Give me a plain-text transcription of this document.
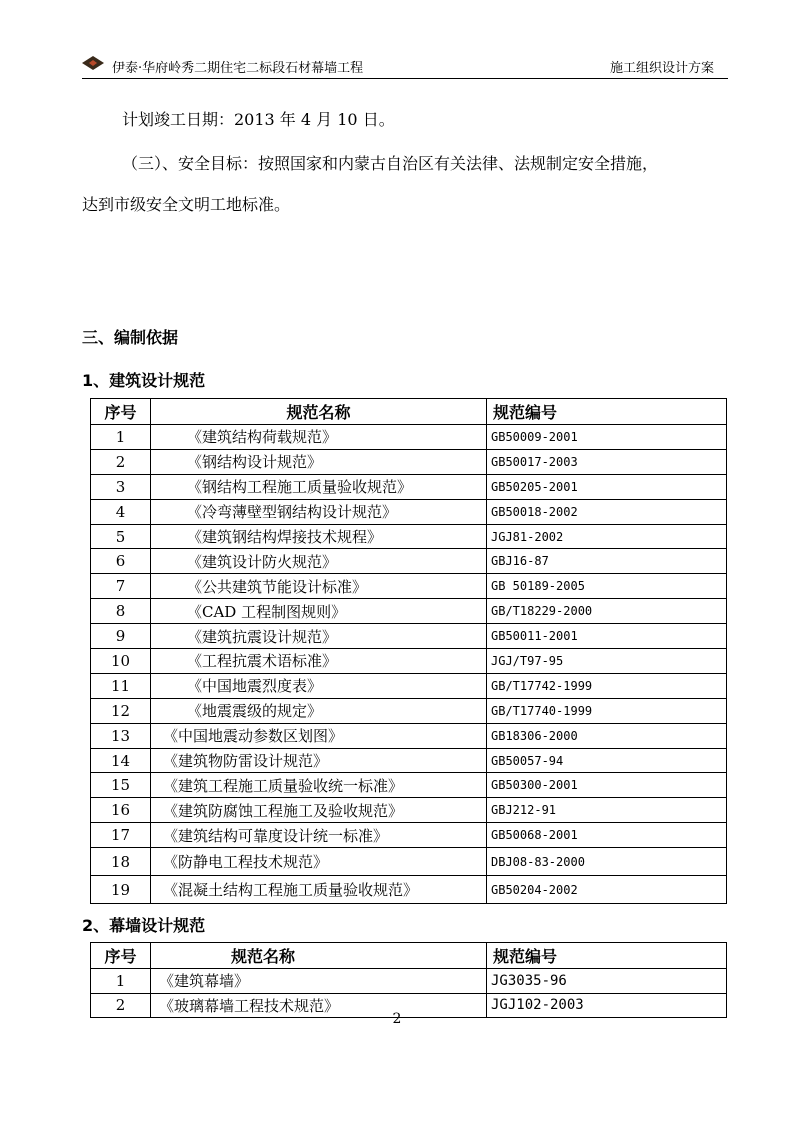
伊泰·华府岭秀二期住宅二标段石材幕墙工程	施工组织设计方案
计划竣工日期：2013 年 4 月 10 日。
（三）、安全目标：按照国家和内蒙古自治区有关法律、法规制定安全措施，
达到市级安全文明工地标准。
三、编制依据
1、建筑设计规范
序号	规范名称	规范编号
1	《建筑结构荷载规范》	GB50009-2001
2	《钢结构设计规范》	GB50017-2003
3	《钢结构工程施工质量验收规范》	GB50205-2001
4	《冷弯薄壁型钢结构设计规范》	GB50018-2002
5	《建筑钢结构焊接技术规程》	JGJ81-2002
6	《建筑设计防火规范》	GBJ16-87
7	《公共建筑节能设计标准》	GB 50189-2005
8	《CAD 工程制图规则》	GB/T18229-2000
9	《建筑抗震设计规范》	GB50011-2001
10	《工程抗震术语标准》	JGJ/T97-95
11	《中国地震烈度表》	GB/T17742-1999
12	《地震震级的规定》	GB/T17740-1999
13	《中国地震动参数区划图》	GB18306-2000
14	《建筑物防雷设计规范》	GB50057-94
15	《建筑工程施工质量验收统一标准》	GB50300-2001
16	《建筑防腐蚀工程施工及验收规范》	GBJ212-91
17	《建筑结构可靠度设计统一标准》	GB50068-2001
18	《防静电工程技术规范》	DBJ08-83-2000
19	《混凝土结构工程施工质量验收规范》	GB50204-2002
2、幕墙设计规范
序号	规范名称	规范编号
1	《建筑幕墙》	JG3035-96
2	《玻璃幕墙工程技术规范》	JGJ102-2003
2
